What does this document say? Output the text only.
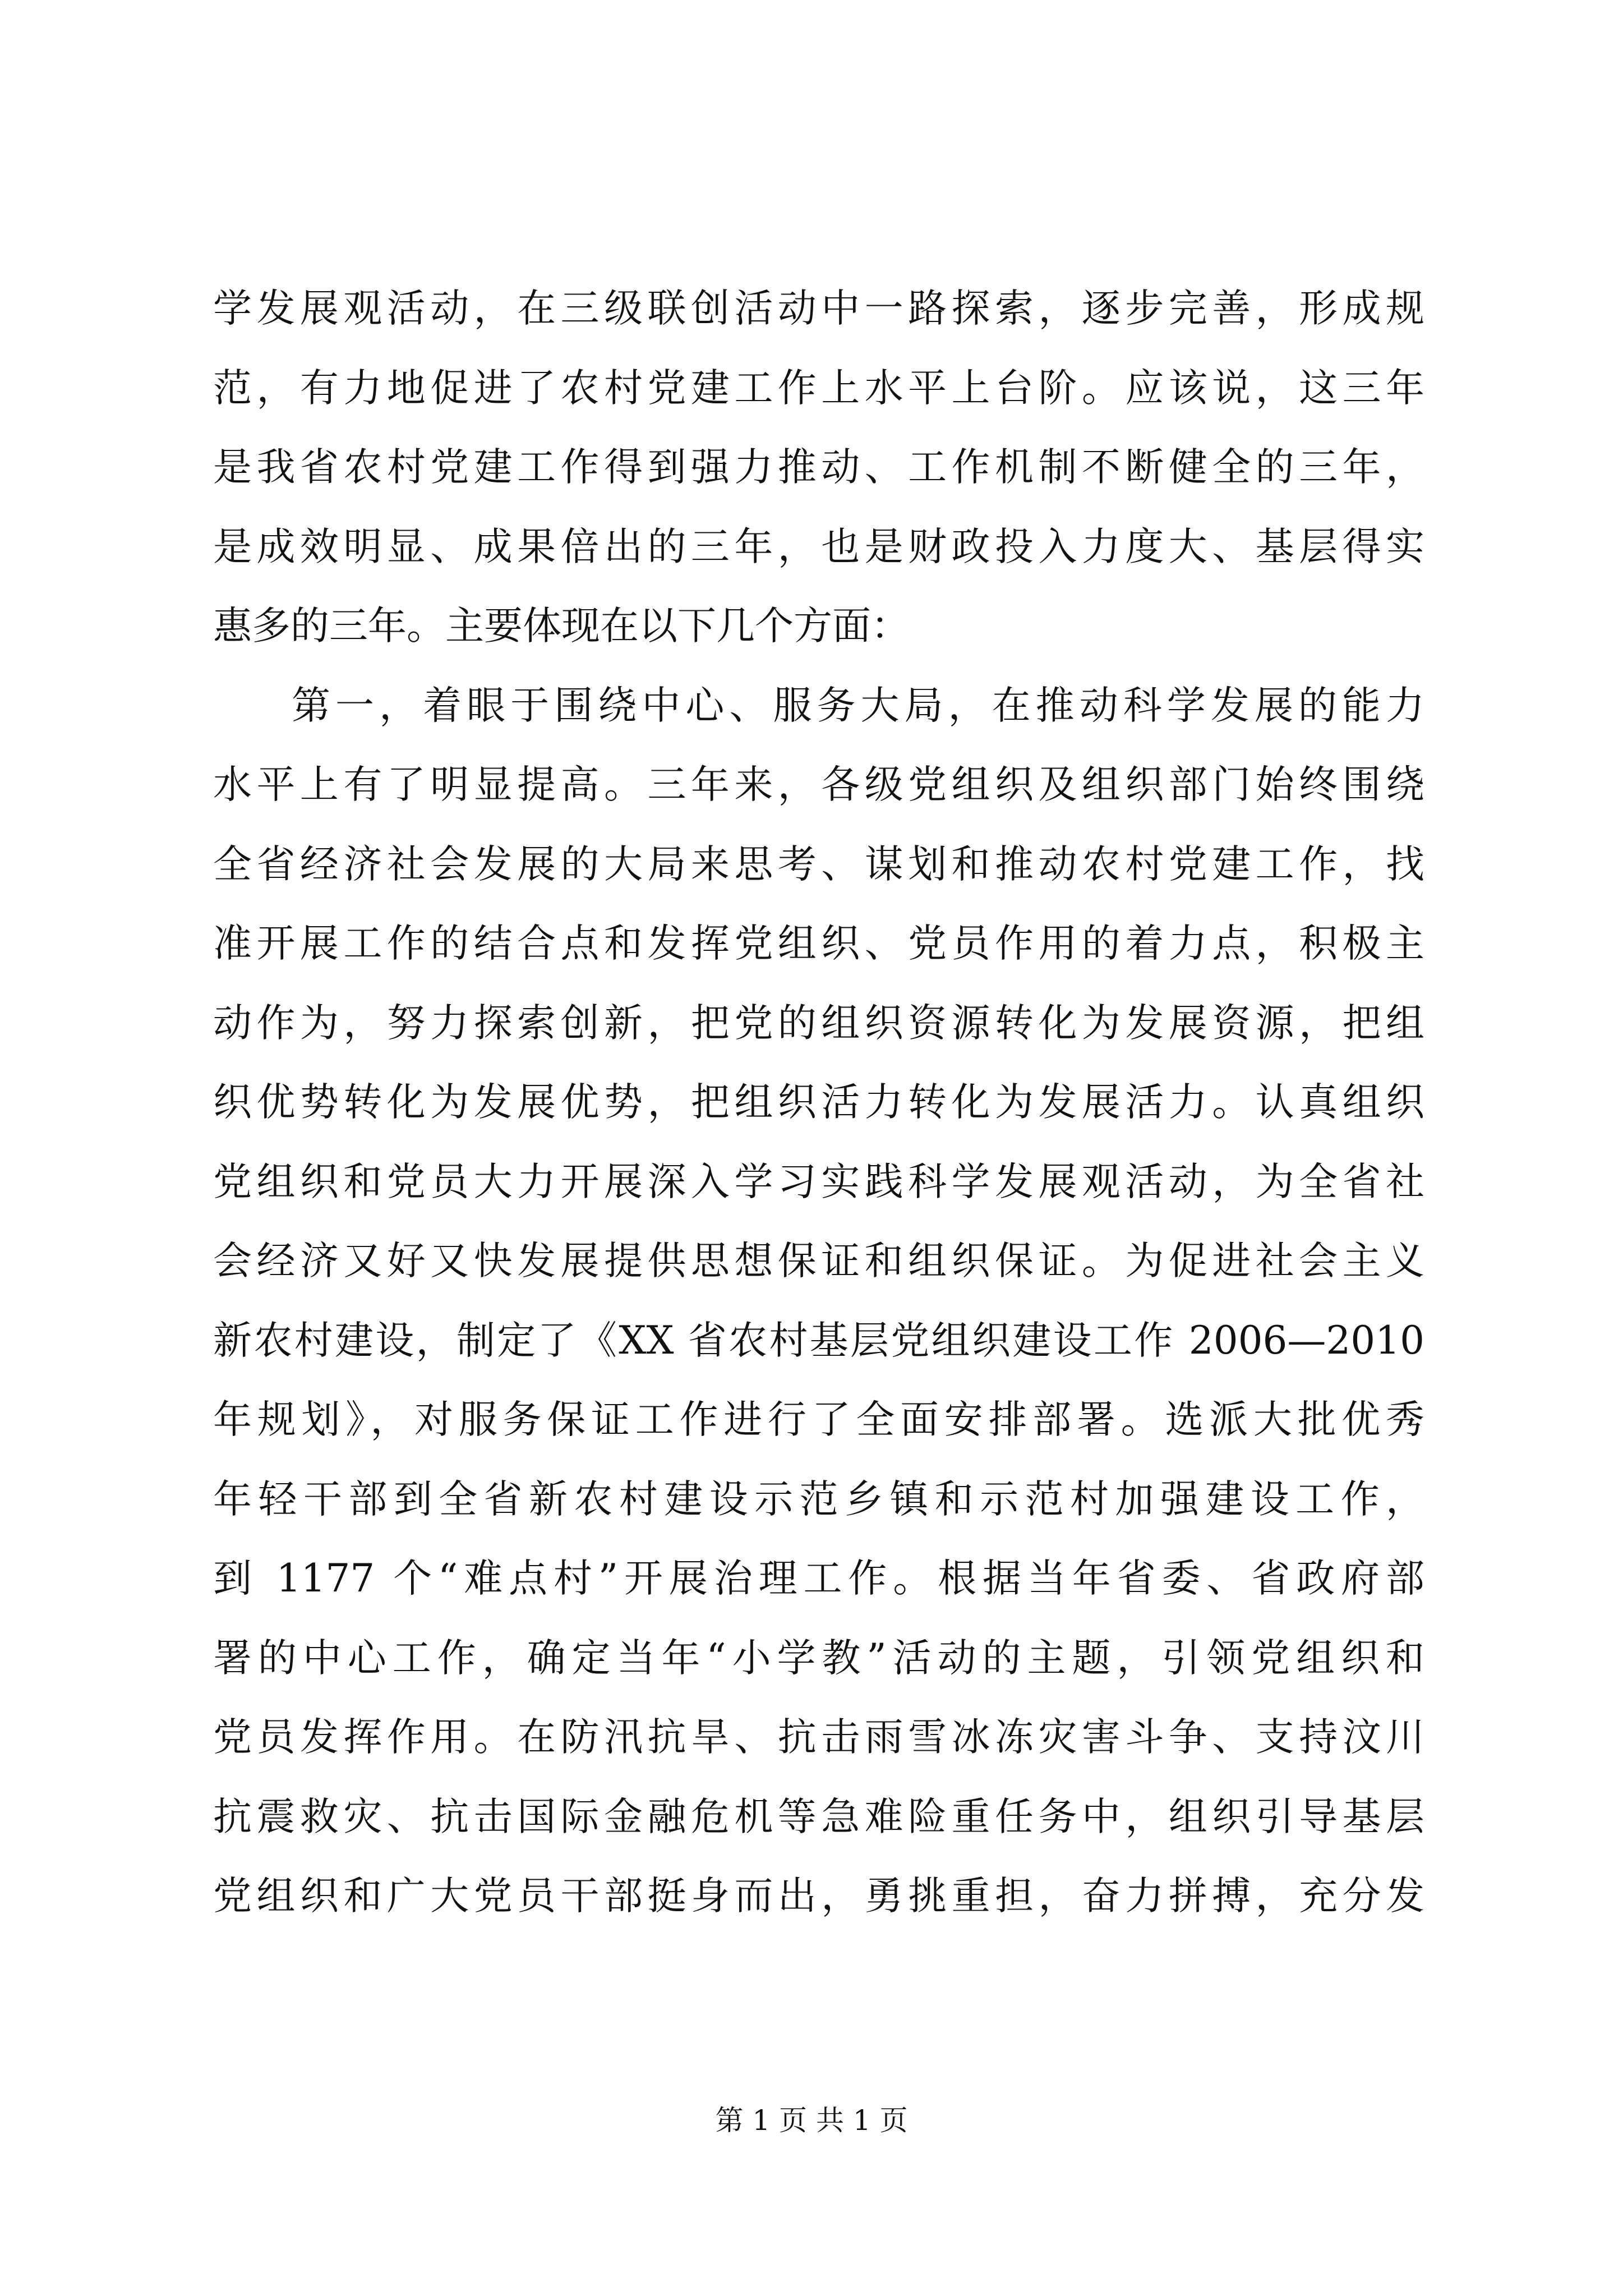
学发展观活动，在三级联创活动中一路探索，逐步完善，形成规
范，有力地促进了农村党建工作上水平上台阶。应该说，这三年
是我省农村党建工作得到强力推动、工作机制不断健全的三年，
是成效明显、成果倍出的三年，也是财政投入力度大、基层得实
惠多的三年。主要体现在以下几个方面：
第一，着眼于围绕中心、服务大局，在推动科学发展的能力
水平上有了明显提高。三年来，各级党组织及组织部门始终围绕
全省经济社会发展的大局来思考、谋划和推动农村党建工作，找
准开展工作的结合点和发挥党组织、党员作用的着力点，积极主
动作为，努力探索创新，把党的组织资源转化为发展资源，把组
织优势转化为发展优势，把组织活力转化为发展活力。认真组织
党组织和党员大力开展深入学习实践科学发展观活动，为全省社
会经济又好又快发展提供思想保证和组织保证。为促进社会主义
新农村建设，制定了《XX 省农村基层党组织建设工作 2006—2010
年规划》，对服务保证工作进行了全面安排部署。选派大批优秀
年轻干部到全省新农村建设示范乡镇和示范村加强建设工作，
到 1177 个“难点村”开展治理工作。根据当年省委、省政府部
署的中心工作，确定当年“小学教”活动的主题，引领党组织和
党员发挥作用。在防汛抗旱、抗击雨雪冰冻灾害斗争、支持汶川
抗震救灾、抗击国际金融危机等急难险重任务中，组织引导基层
党组织和广大党员干部挺身而出，勇挑重担，奋力拼搏，充分发
第 1 页 共 1 页
